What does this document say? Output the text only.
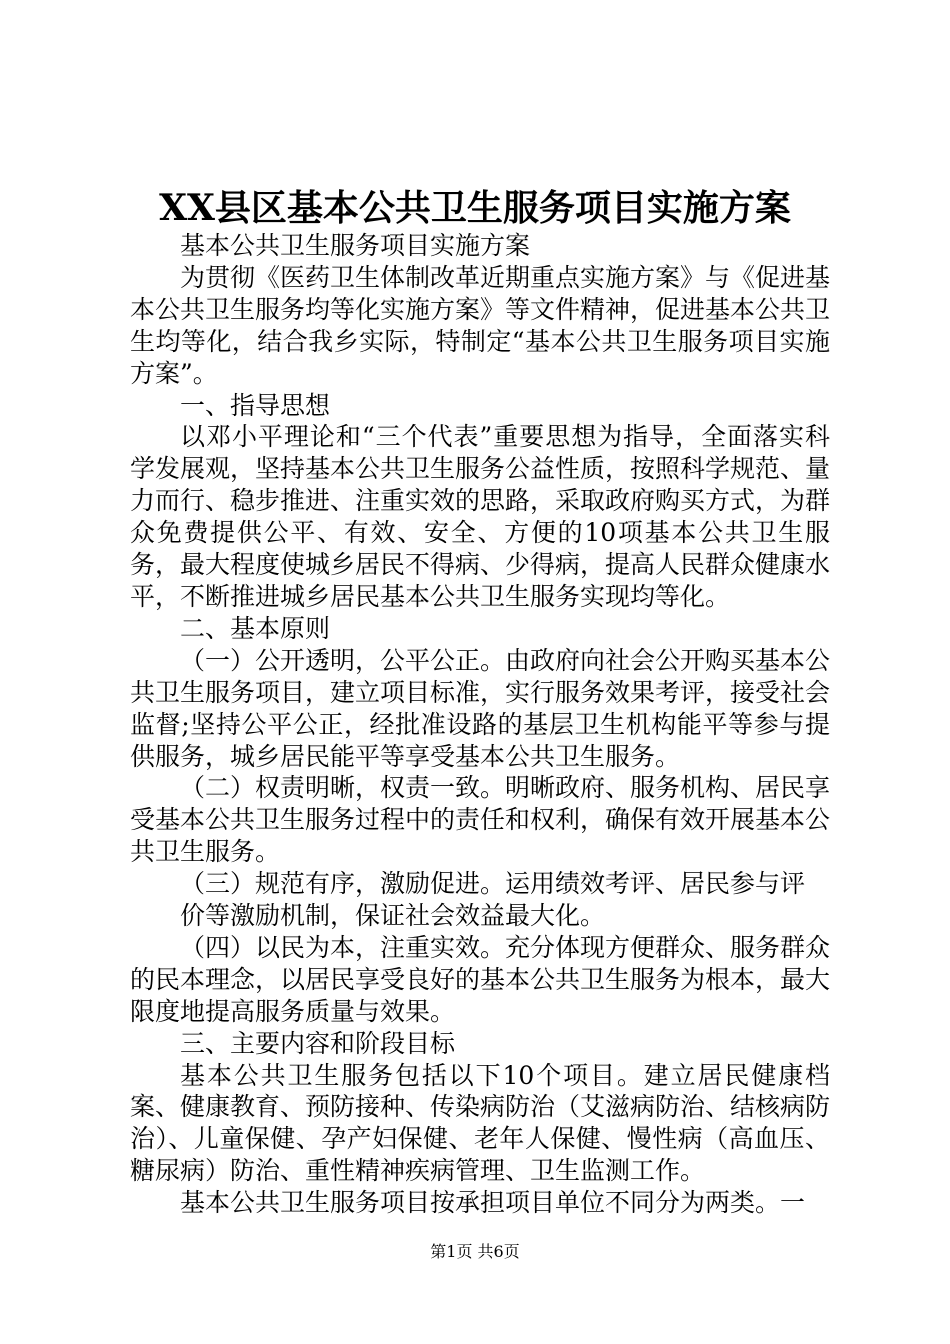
XX县区基本公共卫生服务项目实施方案

基本公共卫生服务项目实施方案

为贯彻《医药卫生体制改革近期重点实施方案》与《促进基本公共卫生服务均等化实施方案》等文件精神，促进基本公共卫生均等化，结合我乡实际，特制定“基本公共卫生服务项目实施方案”。

一、指导思想

以邓小平理论和“三个代表”重要思想为指导，全面落实科学发展观，坚持基本公共卫生服务公益性质，按照科学规范、量力而行、稳步推进、注重实效的思路，采取政府购买方式，为群众免费提供公平、有效、安全、方便的10项基本公共卫生服务，最大程度使城乡居民不得病、少得病，提高人民群众健康水平，不断推进城乡居民基本公共卫生服务实现均等化。

二、基本原则

（一）公开透明，公平公正。由政府向社会公开购买基本公共卫生服务项目，建立项目标准，实行服务效果考评，接受社会监督;坚持公平公正，经批准设路的基层卫生机构能平等参与提供服务，城乡居民能平等享受基本公共卫生服务。

（二）权责明晰，权责一致。明晰政府、服务机构、居民享受基本公共卫生服务过程中的责任和权利，确保有效开展基本公共卫生服务。

（三）规范有序，激励促进。运用绩效考评、居民参与评

价等激励机制，保证社会效益最大化。

（四）以民为本，注重实效。充分体现方便群众、服务群众的民本理念，以居民享受良好的基本公共卫生服务为根本，最大限度地提高服务质量与效果。

三、主要内容和阶段目标

基本公共卫生服务包括以下10个项目。建立居民健康档案、健康教育、预防接种、传染病防治（艾滋病防治、结核病防治）、儿童保健、孕产妇保健、老年人保健、慢性病（高血压、糖尿病）防治、重性精神疾病管理、卫生监测工作。

基本公共卫生服务项目按承担项目单位不同分为两类。一

第1页 共6页
